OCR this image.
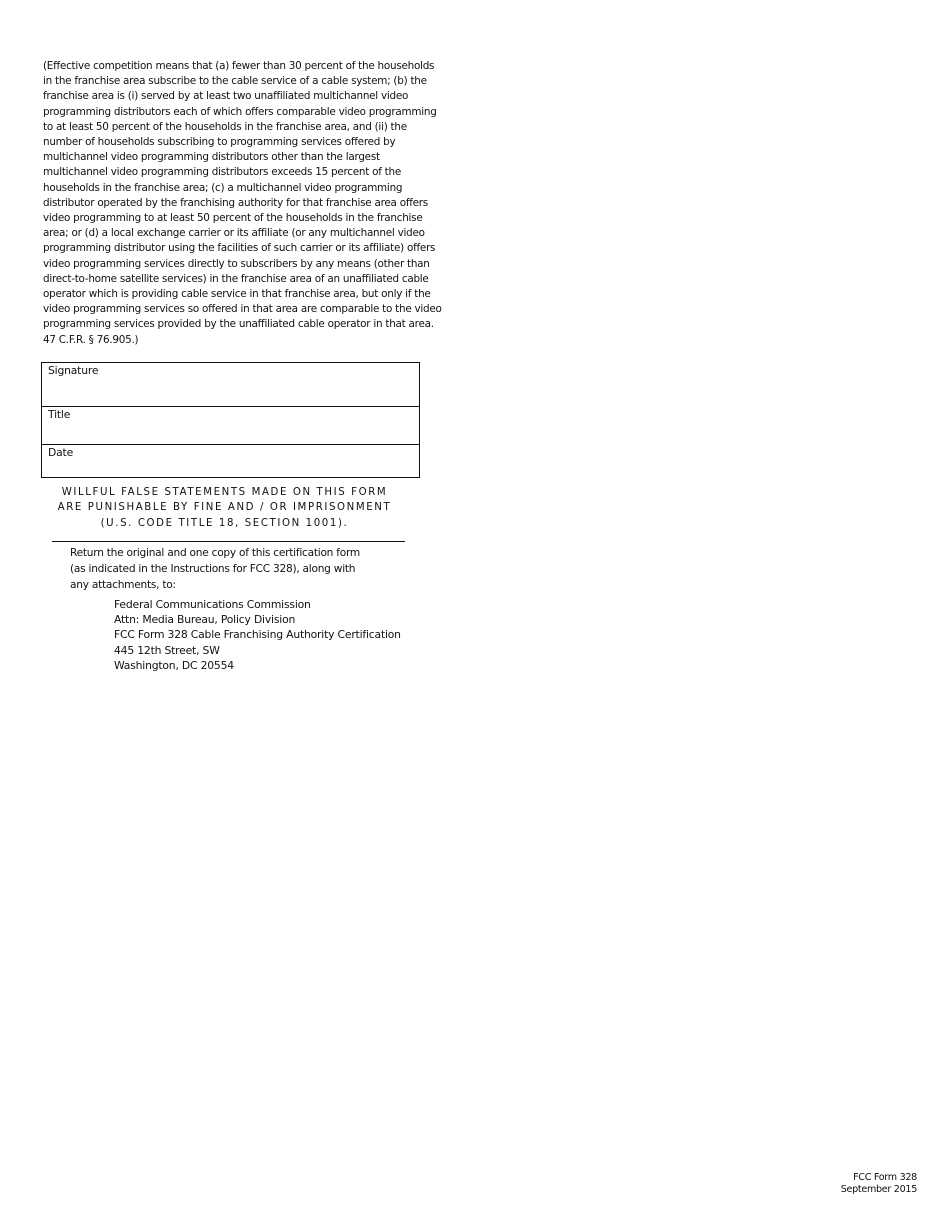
(Effective competition means that (a) fewer than 30 percent of the households in the franchise area subscribe to the cable service of a cable system; (b) the franchise area is (i) served by at least two unaffiliated multichannel video programming distributors each of which offers comparable video programming to at least 50 percent of the households in the franchise area, and (ii) the number of households subscribing to programming services offered by multichannel video programming distributors other than the largest multichannel video programming distributors exceeds 15 percent of the households in the franchise area; (c) a multichannel video programming distributor operated by the franchising authority for that franchise area offers video programming to at least 50 percent of the households in the franchise area; or (d) a local exchange carrier or its affiliate (or any multichannel video programming distributor using the facilities of such carrier or its affiliate) offers video programming services directly to subscribers by any means (other than direct-to-home satellite services) in the franchise area of an unaffiliated cable operator which is providing cable service in that franchise area, but only if the video programming services so offered in that area are comparable to the video programming services provided by the unaffiliated cable operator in that area. 47 C.F.R. § 76.905.)

Signature
Title
Date
WILLFUL FALSE STATEMENTS MADE ON THIS FORM
ARE PUNISHABLE BY FINE AND / OR IMPRISONMENT
(U.S. CODE TITLE 18, SECTION 1001).
Return the original and one copy of this certification form (as indicated in the Instructions for FCC 328), along with any attachments, to:
Federal Communications Commission
Attn: Media Bureau, Policy Division
FCC Form 328 Cable Franchising Authority Certification
445 12th Street, SW
Washington, DC 20554
FCC Form 328
September 2015
